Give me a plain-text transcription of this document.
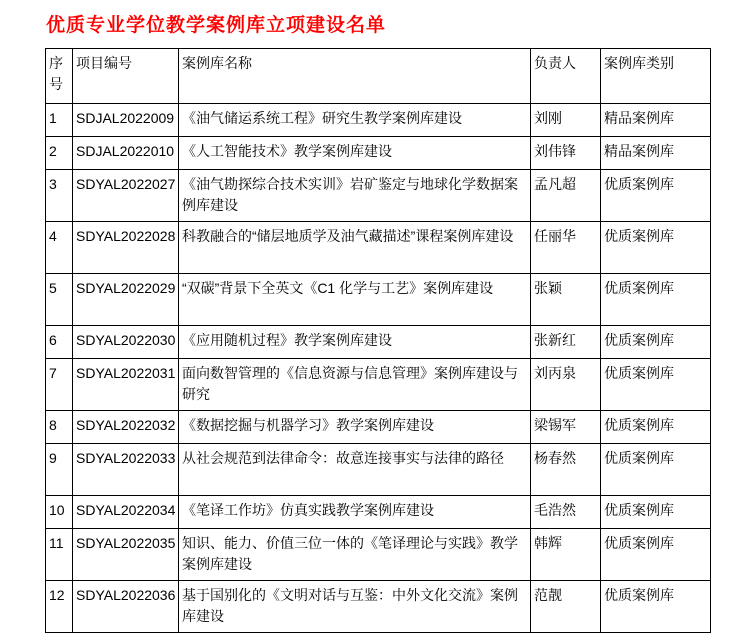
优质专业学位教学案例库立项建设名单
序号	项目编号	案例库名称	负责人	案例库类别
1	SDJAL2022009	《油气储运系统工程》研究生教学案例库建设	刘刚	精品案例库
2	SDJAL2022010	《人工智能技术》教学案例库建设	刘伟锋	精品案例库
3	SDYAL2022027	《油气勘探综合技术实训》岩矿鉴定与地球化学数据案例库建设	孟凡超	优质案例库
4	SDYAL2022028	科教融合的“储层地质学及油气藏描述”课程案例库建设	任丽华	优质案例库
5	SDYAL2022029	“双碳”背景下全英文《C1 化学与工艺》案例库建设	张颖	优质案例库
6	SDYAL2022030	《应用随机过程》教学案例库建设	张新红	优质案例库
7	SDYAL2022031	面向数智管理的《信息资源与信息管理》案例库建设与研究	刘丙泉	优质案例库
8	SDYAL2022032	《数据挖掘与机器学习》教学案例库建设	梁锡军	优质案例库
9	SDYAL2022033	从社会规范到法律命令：故意连接事实与法律的路径	杨春然	优质案例库
10	SDYAL2022034	《笔译工作坊》仿真实践教学案例库建设	毛浩然	优质案例库
11	SDYAL2022035	知识、能力、价值三位一体的《笔译理论与实践》教学案例库建设	韩辉	优质案例库
12	SDYAL2022036	基于国别化的《文明对话与互鉴：中外文化交流》案例库建设	范靓	优质案例库
